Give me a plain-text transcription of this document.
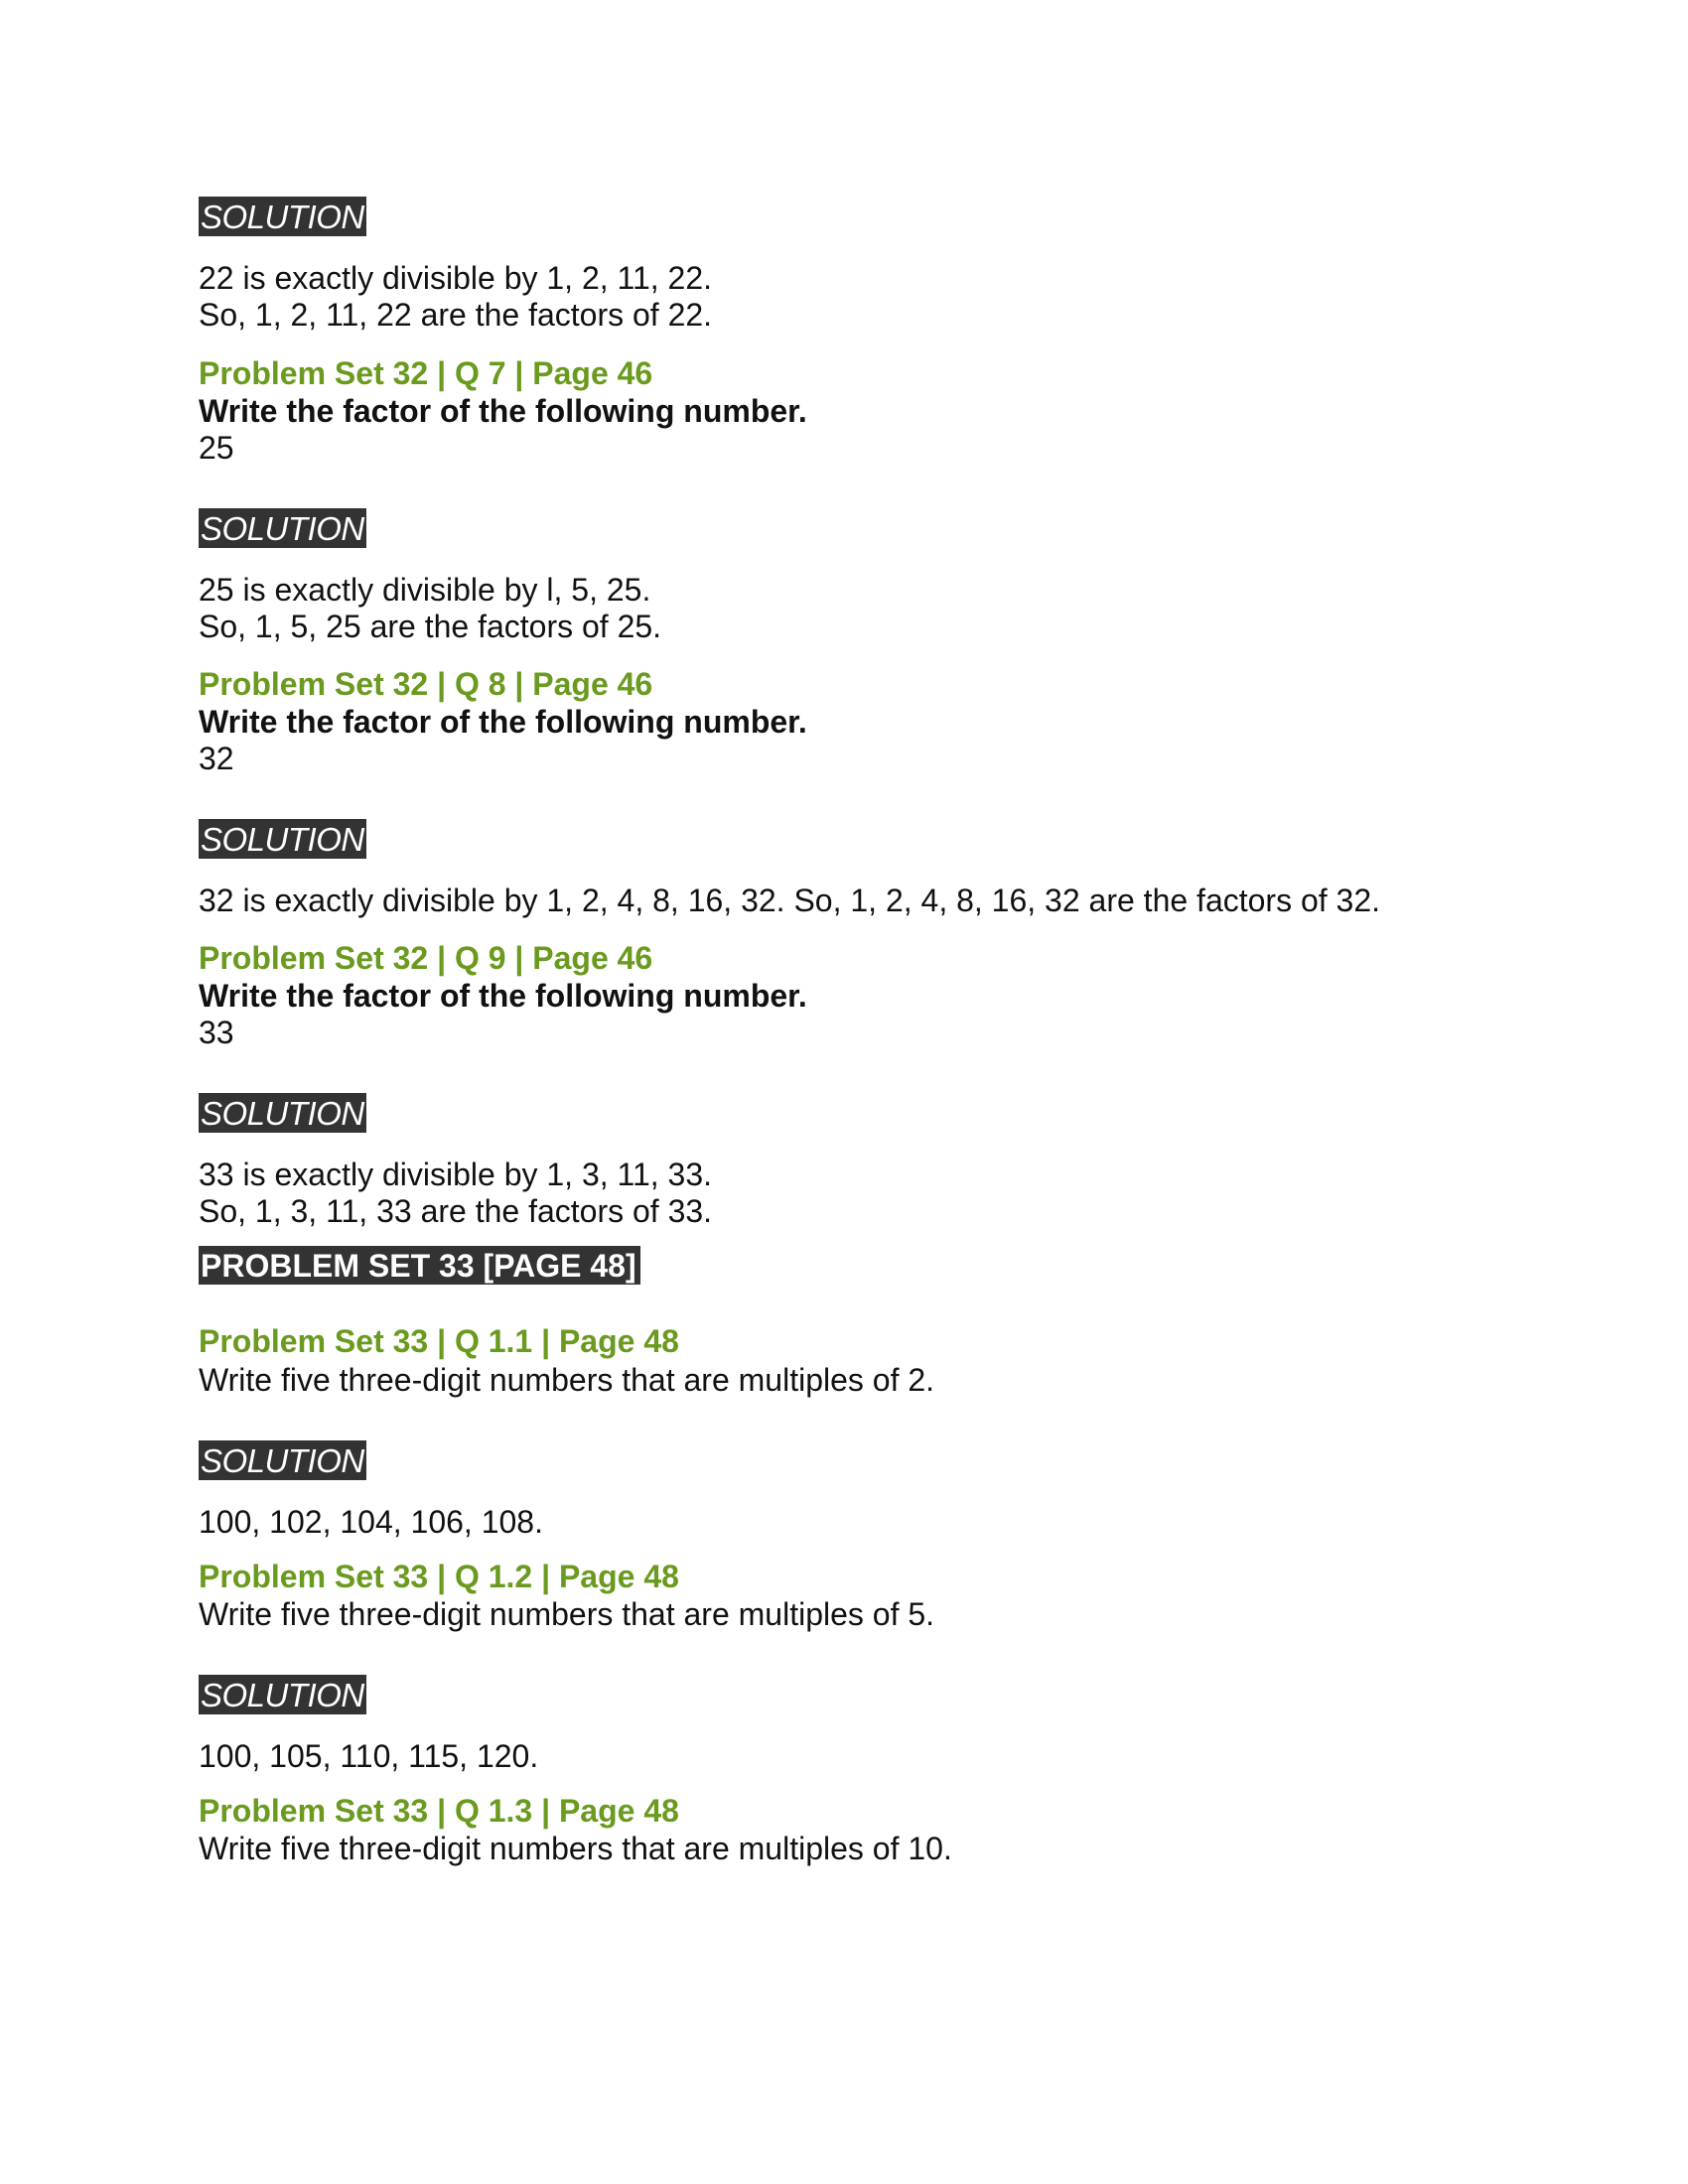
SOLUTION
22 is exactly divisible by 1, 2, 11, 22.
So, 1, 2, 11, 22 are the factors of 22.
Problem Set 32 | Q 7 | Page 46
Write the factor of the following number.
25
SOLUTION
25 is exactly divisible by l, 5, 25.
So, 1, 5, 25 are the factors of 25.
Problem Set 32 | Q 8 | Page 46
Write the factor of the following number.
32
SOLUTION
32 is exactly divisible by 1, 2, 4, 8, 16, 32. So, 1, 2, 4, 8, 16, 32 are the factors of 32.
Problem Set 32 | Q 9 | Page 46
Write the factor of the following number.
33
SOLUTION
33 is exactly divisible by 1, 3, 11, 33.
So, 1, 3, 11, 33 are the factors of 33.
PROBLEM SET 33 [PAGE 48]
Problem Set 33 | Q 1.1 | Page 48
Write five three-digit numbers that are multiples of 2.
SOLUTION
100, 102, 104, 106, 108.
Problem Set 33 | Q 1.2 | Page 48
Write five three-digit numbers that are multiples of 5.
SOLUTION
100, 105, 110, 115, 120.
Problem Set 33 | Q 1.3 | Page 48
Write five three-digit numbers that are multiples of 10.
